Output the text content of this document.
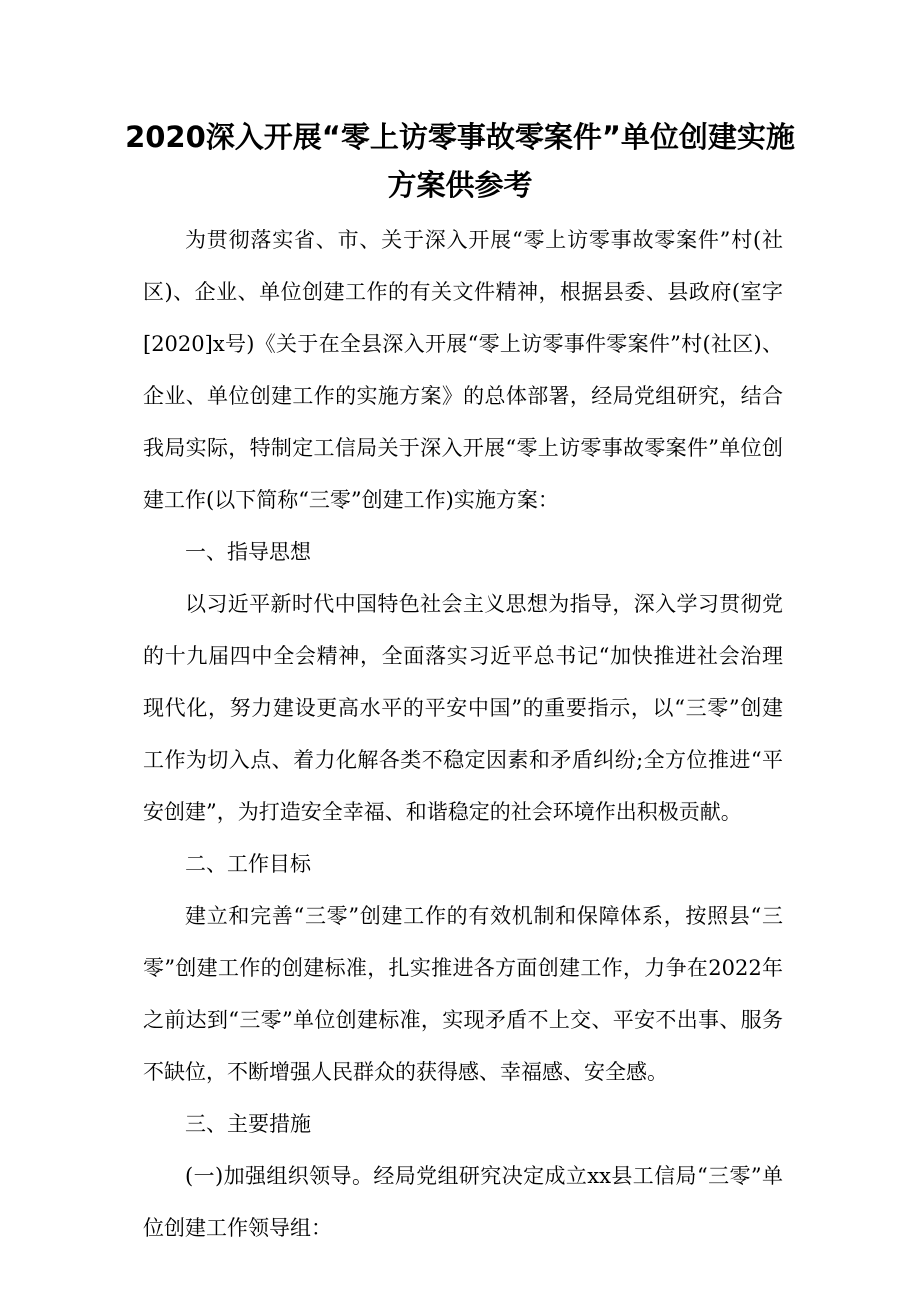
2020深入开展“零上访零事故零案件”单位创建实施
方案供参考

为贯彻落实省、市、关于深入开展“零上访零事故零案件”村(社区)、企业、单位创建工作的有关文件精神，根据县委、县政府(室字[2020]x号)《关于在全县深入开展“零上访零事件零案件”村(社区)、企业、单位创建工作的实施方案》的总体部署，经局党组研究，结合我局实际，特制定工信局关于深入开展“零上访零事故零案件”单位创建工作(以下简称“三零”创建工作)实施方案：

一、指导思想

以习近平新时代中国特色社会主义思想为指导，深入学习贯彻党的十九届四中全会精神，全面落实习近平总书记“加快推进社会治理现代化，努力建设更高水平的平安中国”的重要指示，以“三零”创建工作为切入点、着力化解各类不稳定因素和矛盾纠纷;全方位推进“平安创建”，为打造安全幸福、和谐稳定的社会环境作出积极贡献。

二、工作目标

建立和完善“三零”创建工作的有效机制和保障体系，按照县“三零”创建工作的创建标准，扎实推进各方面创建工作，力争在2022年之前达到“三零”单位创建标准，实现矛盾不上交、平安不出事、服务不缺位，不断增强人民群众的获得感、幸福感、安全感。

三、主要措施

(一)加强组织领导。经局党组研究决定成立xx县工信局“三零”单位创建工作领导组：
